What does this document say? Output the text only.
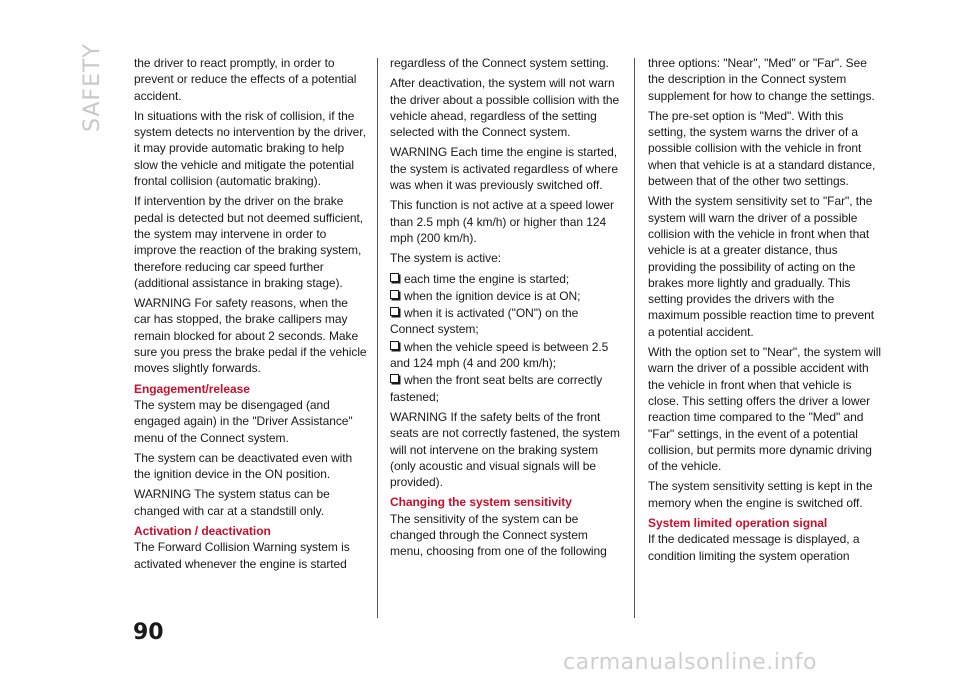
SAFETY the driver to react promptly, in order to prevent or reduce the effects of a potential accident.

In situations with the risk of collision, if the system detects no intervention by the driver, it may provide automatic braking to help slow the vehicle and mitigate the potential frontal collision (automatic braking).

If intervention by the driver on the brake pedal is detected but not deemed sufficient, the system may intervene in order to improve the reaction of the braking system, therefore reducing car speed further (additional assistance in braking stage).

WARNING For safety reasons, when the car has stopped, the brake callipers may remain blocked for about 2 seconds. Make sure you press the brake pedal if the vehicle moves slightly forwards.

Engagement/release

The system may be disengaged (and engaged again) in the "Driver Assistance" menu of the Connect system.

The system can be deactivated even with the ignition device in the ON position.

WARNING The system status can be changed with car at a standstill only.

Activation / deactivation

The Forward Collision Warning system is activated whenever the engine is started

regardless of the Connect system setting.

After deactivation, the system will not warn the driver about a possible collision with the vehicle ahead, regardless of the setting selected with the Connect system.

WARNING Each time the engine is started, the system is activated regardless of where was when it was previously switched off.

This function is not active at a speed lower than 2.5 mph (4 km/h) or higher than 124 mph (200 km/h).

The system is active:

each time the engine is started;
when the ignition device is at ON;
when it is activated ("ON") on the Connect system;
when the vehicle speed is between 2.5 and 124 mph (4 and 200 km/h);
when the front seat belts are correctly fastened;

WARNING If the safety belts of the front seats are not correctly fastened, the system will not intervene on the braking system (only acoustic and visual signals will be provided).

Changing the system sensitivity

The sensitivity of the system can be changed through the Connect system menu, choosing from one of the following

three options: "Near", "Med" or "Far". See the description in the Connect system supplement for how to change the settings.

The pre-set option is "Med". With this setting, the system warns the driver of a possible collision with the vehicle in front when that vehicle is at a standard distance, between that of the other two settings.

With the system sensitivity set to "Far", the system will warn the driver of a possible collision with the vehicle in front when that vehicle is at a greater distance, thus providing the possibility of acting on the brakes more lightly and gradually. This setting provides the drivers with the maximum possible reaction time to prevent a potential accident.

With the option set to "Near", the system will warn the driver of a possible accident with the vehicle in front when that vehicle is close. This setting offers the driver a lower reaction time compared to the "Med" and "Far" settings, in the event of a potential collision, but permits more dynamic driving of the vehicle.

The system sensitivity setting is kept in the memory when the engine is switched off.

System limited operation signal

If the dedicated message is displayed, a condition limiting the system operation

90
carmanualsonline.info
